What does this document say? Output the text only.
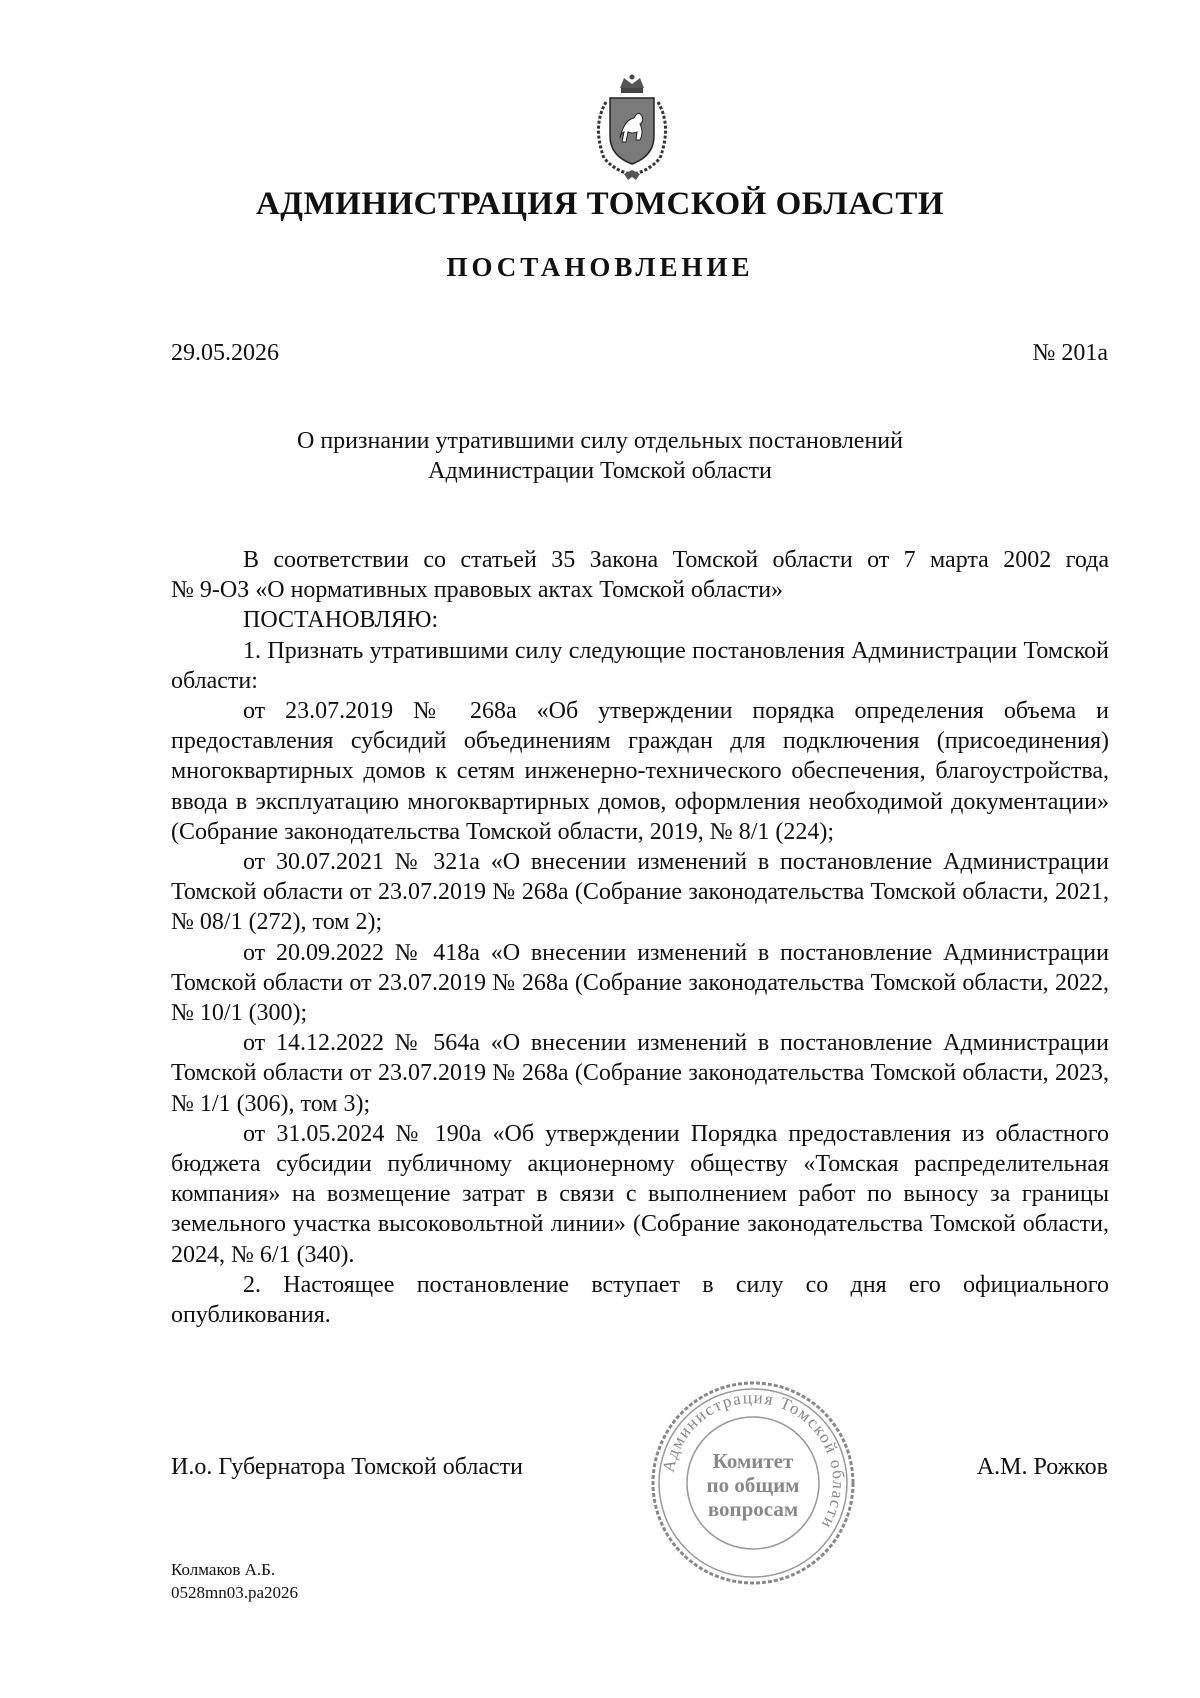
АДМИНИСТРАЦИЯ ТОМСКОЙ ОБЛАСТИ
ПОСТАНОВЛЕНИЕ
29.05.2026	№ 201а
О признании утратившими силу отдельных постановлений
Администрации Томской области

В соответствии со статьей 35 Закона Томской области от 7 марта 2002 года

№ 9-ОЗ «О нормативных правовых актах Томской области»

ПОСТАНОВЛЯЮ:

1. Признать утратившими силу следующие постановления Администрации Томской области:

от 23.07.2019 № 268а «Об утверждении порядка определения объема и предоставления субсидий объединениям граждан для подключения (присоединения) многоквартирных домов к сетям инженерно-технического обеспечения, благоустройства, ввода в эксплуатацию многоквартирных домов, оформления необходимой документации» (Собрание законодательства Томской области, 2019, № 8/1 (224);

от 30.07.2021 № 321а «О внесении изменений в постановление Администрации Томской области от 23.07.2019 № 268а (Собрание законодательства Томской области, 2021, № 08/1 (272), том 2);

от 20.09.2022 № 418а «О внесении изменений в постановление Администрации Томской области от 23.07.2019 № 268а (Собрание законодательства Томской области, 2022, № 10/1 (300);

от 14.12.2022 № 564а «О внесении изменений в постановление Администрации Томской области от 23.07.2019 № 268а (Собрание законодательства Томской области, 2023, № 1/1 (306), том 3);

от 31.05.2024 № 190а «Об утверждении Порядка предоставления из областного бюджета субсидии публичному акционерному обществу «Томская распределительная компания» на возмещение затрат в связи с выполнением работ по выносу за границы земельного участка высоковольтной линии» (Собрание законодательства Томской области, 2024, № 6/1 (340).

2. Настоящее постановление вступает в силу со дня его официального опубликования.

И.о. Губернатора Томской области	А.М. Рожков
Администрация Томской области
Комитет
по общим
вопросам
Колмаков А.Б.
0528mn03.pa2026
